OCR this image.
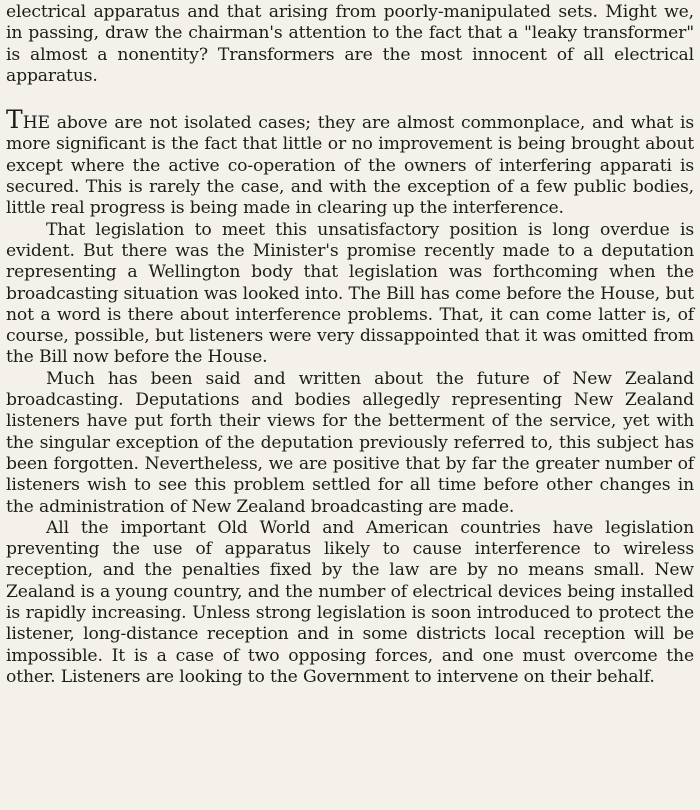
electrical apparatus and that arising from poorly-manipulated sets. Might we, in passing, draw the chairman's attention to the fact that a "leaky transformer" is almost a nonentity? Transformers are the most innocent of all electrical apparatus.

THE above are not isolated cases; they are almost commonplace, and what is more significant is the fact that little or no improvement is being brought about except where the active co-operation of the owners of interfering apparati is secured. This is rarely the case, and with the exception of a few public bodies, little real progress is being made in clearing up the interference.

That legislation to meet this unsatisfactory position is long overdue is evident. But there was the Minister's promise recently made to a deputation representing a Wellington body that legislation was forthcoming when the broadcasting situation was looked into. The Bill has come before the House, but not a word is there about interference problems. That, it can come latter is, of course, possible, but listeners were very dissappointed that it was omitted from the Bill now before the House.

Much has been said and written about the future of New Zealand broadcasting. Deputations and bodies allegedly representing New Zealand listeners have put forth their views for the betterment of the service, yet with the singular exception of the deputation previously referred to, this subject has been forgotten. Nevertheless, we are positive that by far the greater number of listeners wish to see this problem settled for all time before other changes in the administration of New Zealand broadcasting are made.

All the important Old World and American countries have legislation preventing the use of apparatus likely to cause interference to wireless reception, and the penalties fixed by the law are by no means small. New Zealand is a young country, and the number of electrical devices being installed is rapidly increasing. Unless strong legislation is soon introduced to protect the listener, long-distance reception and in some districts local reception will be impossible. It is a case of two opposing forces, and one must overcome the other. Listeners are looking to the Government to intervene on their behalf.
